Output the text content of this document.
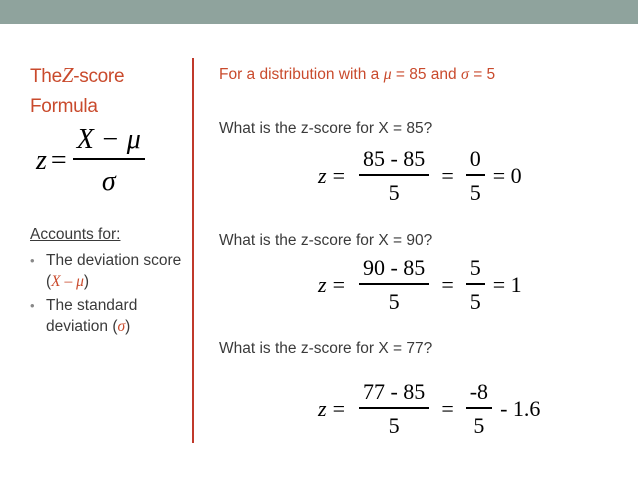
TheZ-score
Formula
$z = \frac{X - \mu}{\sigma}$
Accounts for:
• The deviation score (X – μ)
• The standard deviation (σ)
For a distribution with a μ = 85 and σ = 5
What is the z-score for X = 85?
$z = \frac{85 - 85}{5} = \frac{0}{5} = 0$
What is the z-score for X = 90?
$z = \frac{90 - 85}{5} = \frac{5}{5} = 1$
What is the z-score for X = 77?
$z = \frac{77 - 85}{5} = \frac{-8}{5} - 1.6$
